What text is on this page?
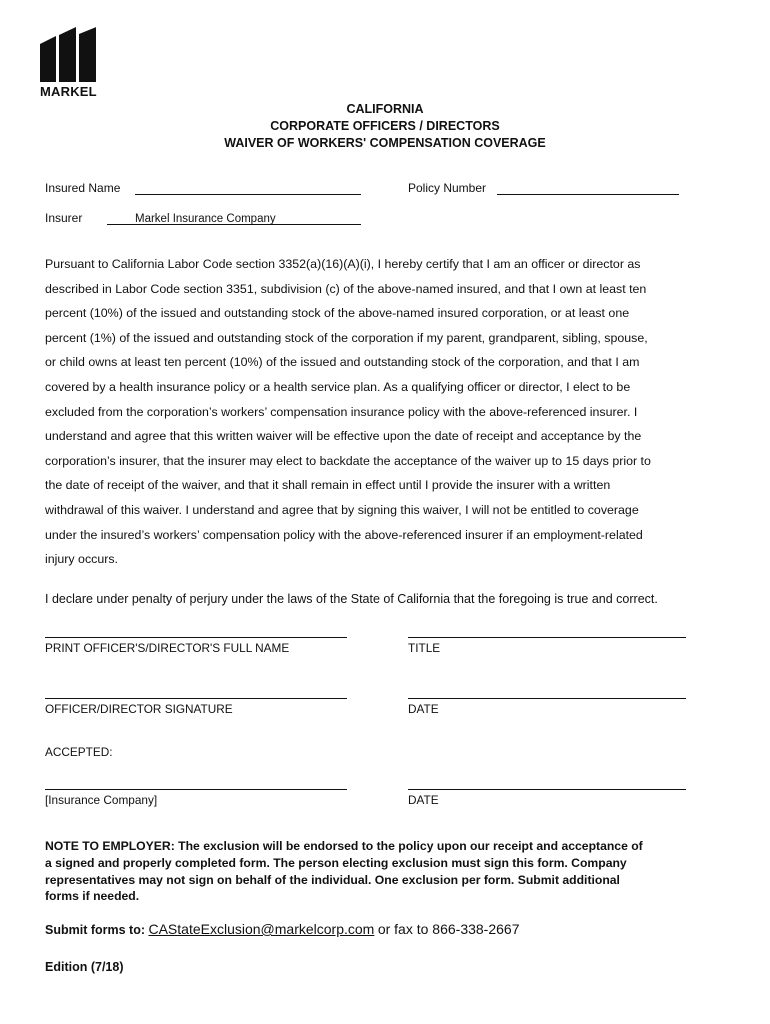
MARKEL
CALIFORNIA
CORPORATE OFFICERS / DIRECTORS
WAIVER OF WORKERS' COMPENSATION COVERAGE
Insured Name	Policy Number
Insurer	Markel Insurance Company
Pursuant to California Labor Code section 3352(a)(16)(A)(i), I hereby certify that I am an officer or director as
described in Labor Code section 3351, subdivision (c) of the above-named insured, and that I own at least ten
percent (10%) of the issued and outstanding stock of the above-named insured corporation, or at least one
percent (1%) of the issued and outstanding stock of the corporation if my parent, grandparent, sibling, spouse,
or child owns at least ten percent (10%) of the issued and outstanding stock of the corporation, and that I am
covered by a health insurance policy or a health service plan. As a qualifying officer or director, I elect to be
excluded from the corporation’s workers’ compensation insurance policy with the above-referenced insurer. I
understand and agree that this written waiver will be effective upon the date of receipt and acceptance by the
corporation’s insurer, that the insurer may elect to backdate the acceptance of the waiver up to 15 days prior to
the date of receipt of the waiver, and that it shall remain in effect until I provide the insurer with a written
withdrawal of this waiver. I understand and agree that by signing this waiver, I will not be entitled to coverage
under the insured’s workers’ compensation policy with the above-referenced insurer if an employment-related
injury occurs.
I declare under penalty of perjury under the laws of the State of California that the foregoing is true and correct.
PRINT OFFICER'S/DIRECTOR'S FULL NAME	TITLE
OFFICER/DIRECTOR SIGNATURE	DATE
ACCEPTED:
[Insurance Company]	DATE
NOTE TO EMPLOYER: The exclusion will be endorsed to the policy upon our receipt and acceptance of
a signed and properly completed form. The person electing exclusion must sign this form. Company
representatives may not sign on behalf of the individual. One exclusion per form. Submit additional
forms if needed.
Submit forms to: CAStateExclusion@markelcorp.com or fax to 866-338-2667
Edition (7/18)
